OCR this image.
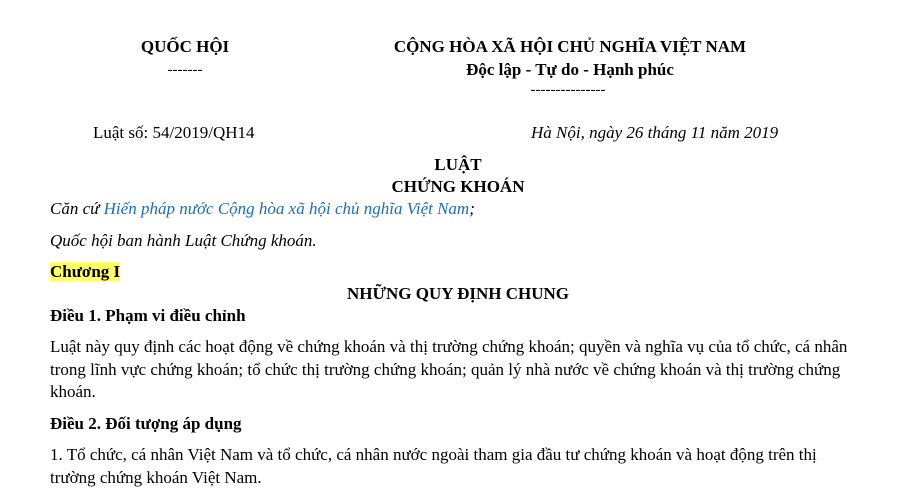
QUỐC HỘI
-------
CỘNG HÒA XÃ HỘI CHỦ NGHĨA VIỆT NAM
Độc lập - Tự do - Hạnh phúc
---------------
Luật số: 54/2019/QH14	Hà Nội, ngày 26 tháng 11 năm 2019
LUẬT
CHỨNG KHOÁN
Căn cứ Hiến pháp nước Cộng hòa xã hội chủ nghĩa Việt Nam;
Quốc hội ban hành Luật Chứng khoán.
Chương I
NHỮNG QUY ĐỊNH CHUNG
Điều 1. Phạm vi điều chỉnh
Luật này quy định các hoạt động về chứng khoán và thị trường chứng khoán; quyền và nghĩa vụ của tổ chức, cá nhân trong lĩnh vực chứng khoán; tổ chức thị trường chứng khoán; quản lý nhà nước về chứng khoán và thị trường chứng khoán.
Điều 2. Đối tượng áp dụng
1. Tổ chức, cá nhân Việt Nam và tổ chức, cá nhân nước ngoài tham gia đầu tư chứng khoán và hoạt động trên thị trường chứng khoán Việt Nam.
